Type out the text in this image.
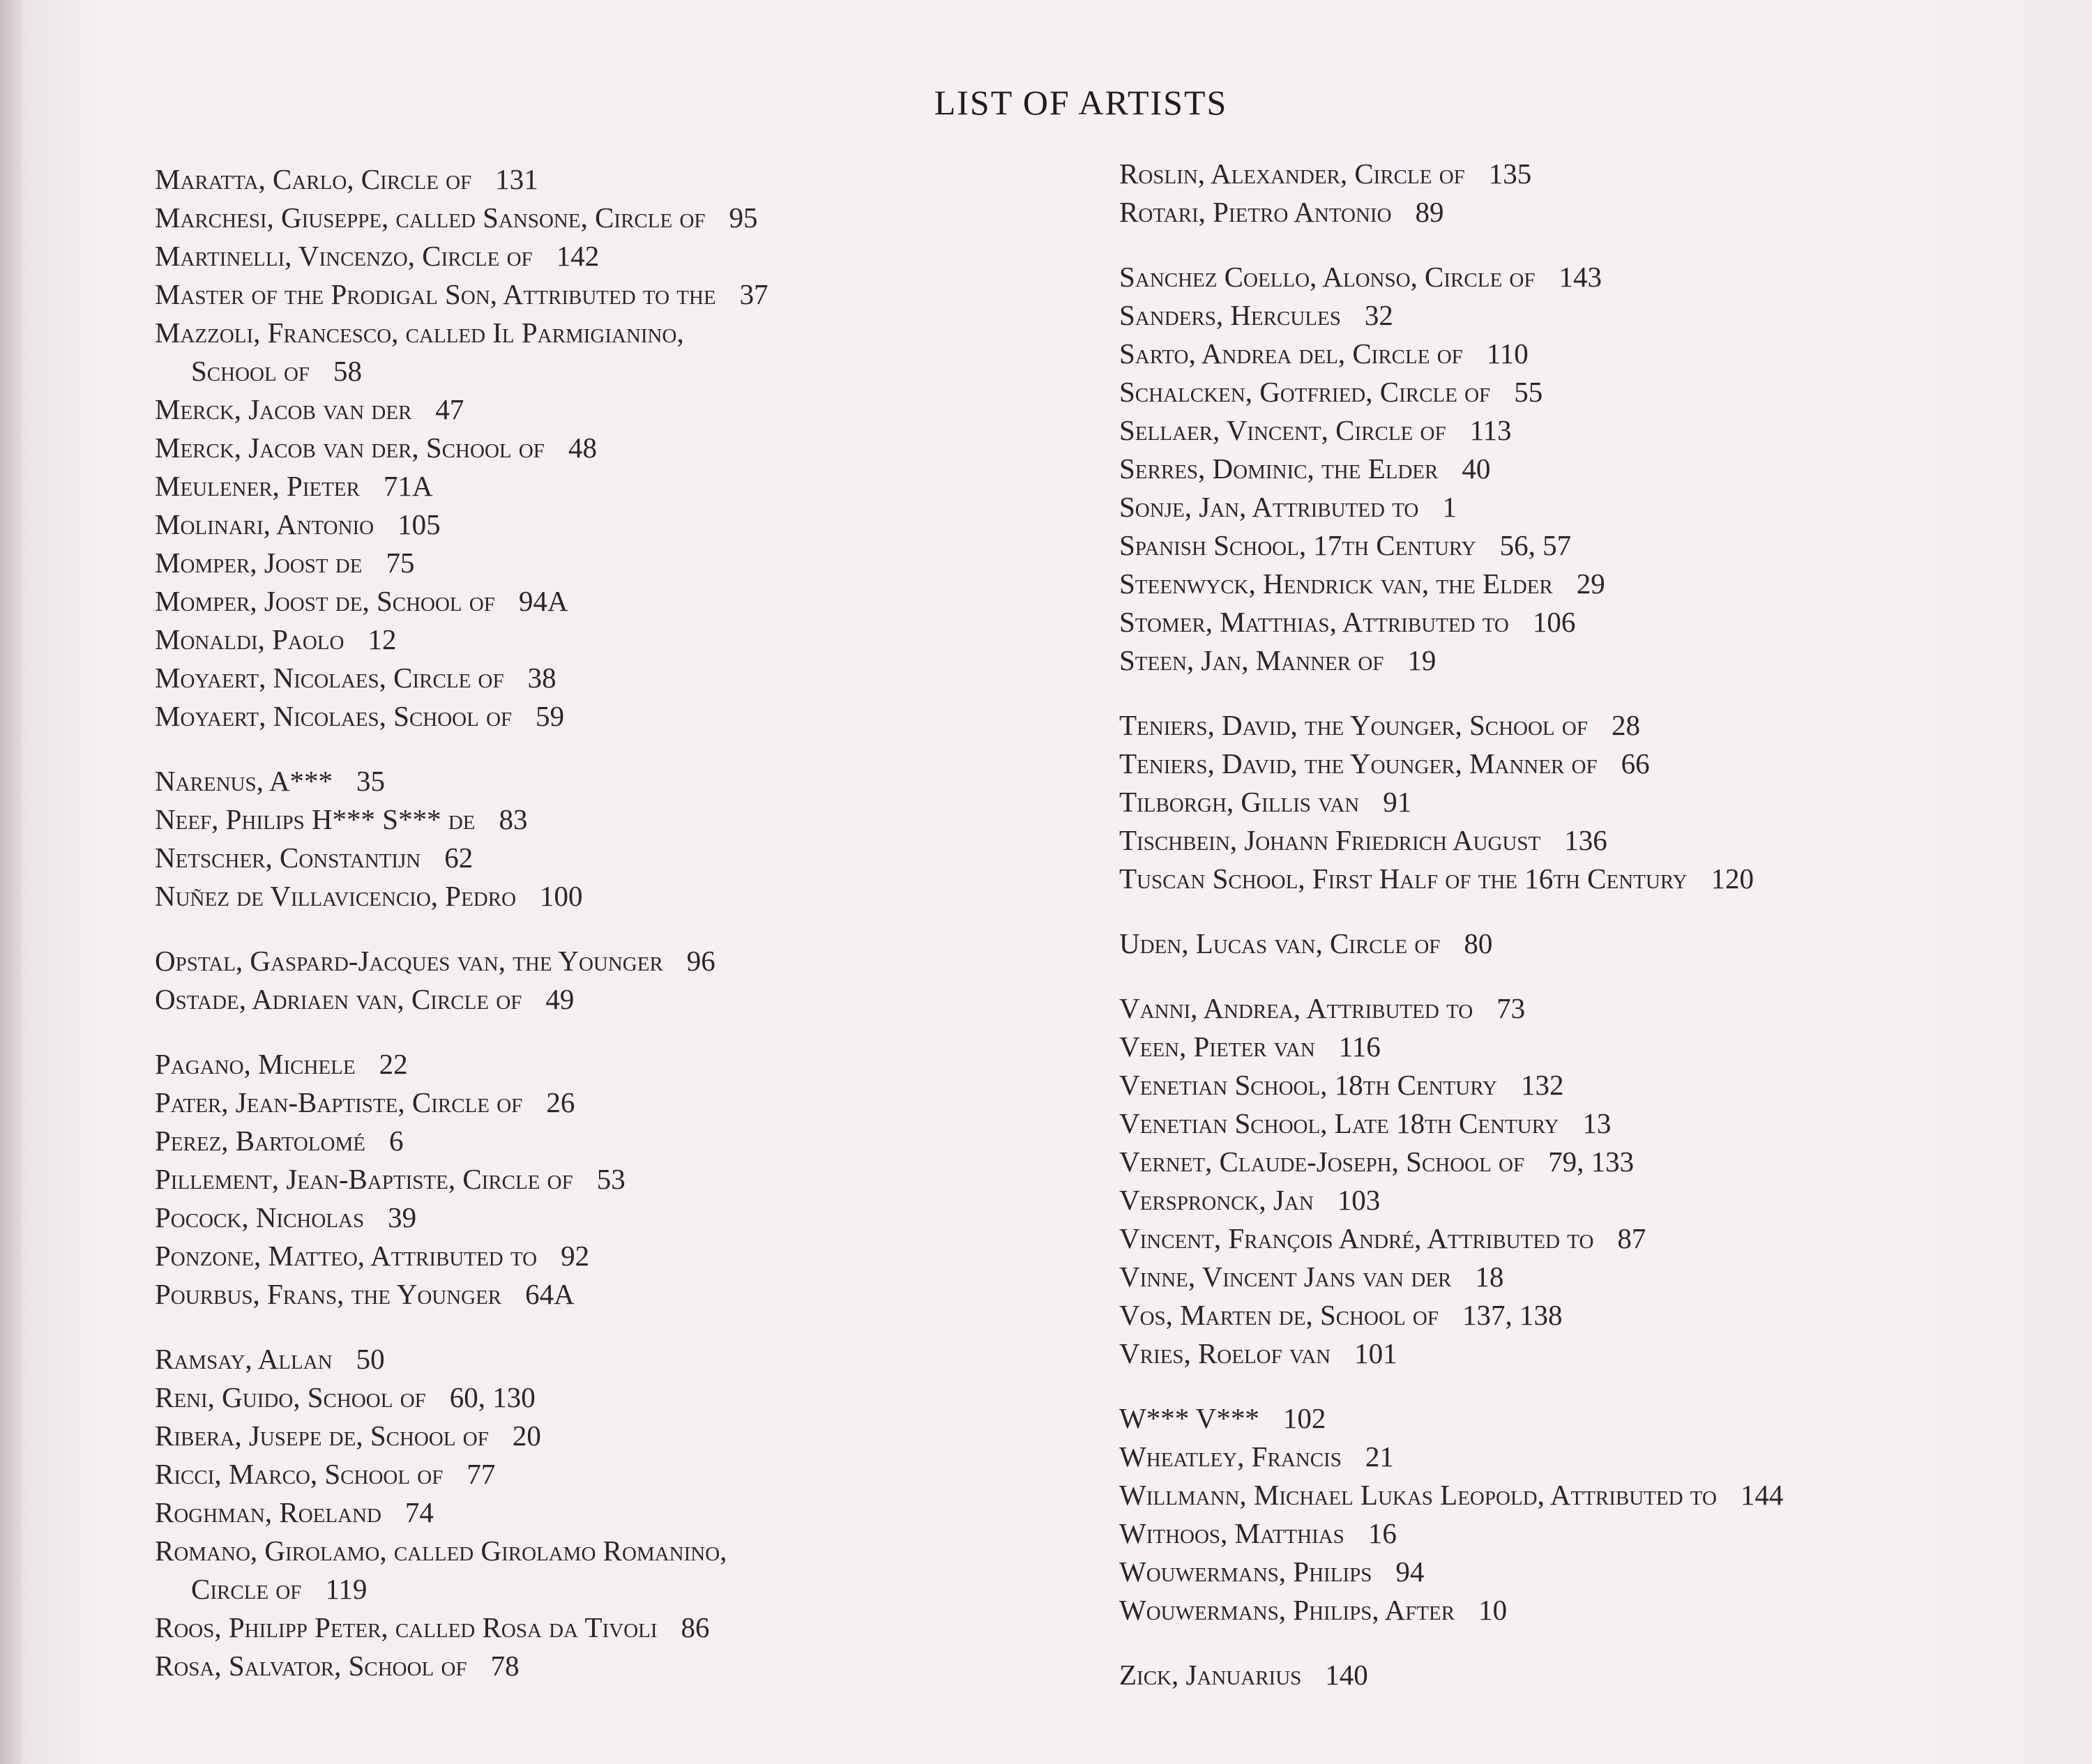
LIST OF ARTISTS
Maratta, Carlo, Circle of 131
Marchesi, Giuseppe, called Sansone, Circle of 95
Martinelli, Vincenzo, Circle of 142
Master of the Prodigal Son, Attributed to the 37
Mazzoli, Francesco, called Il Parmigianino,
School of 58
Merck, Jacob van der 47
Merck, Jacob van der, School of 48
Meulener, Pieter 71A
Molinari, Antonio 105
Momper, Joost de 75
Momper, Joost de, School of 94A
Monaldi, Paolo 12
Moyaert, Nicolaes, Circle of 38
Moyaert, Nicolaes, School of 59
Narenus, A*** 35
Neef, Philips H*** S*** de 83
Netscher, Constantijn 62
Nuñez de Villavicencio, Pedro 100
Opstal, Gaspard-Jacques van, the Younger 96
Ostade, Adriaen van, Circle of 49
Pagano, Michele 22
Pater, Jean-Baptiste, Circle of 26
Perez, Bartolomé 6
Pillement, Jean-Baptiste, Circle of 53
Pocock, Nicholas 39
Ponzone, Matteo, Attributed to 92
Pourbus, Frans, the Younger 64A
Ramsay, Allan 50
Reni, Guido, School of 60, 130
Ribera, Jusepe de, School of 20
Ricci, Marco, School of 77
Roghman, Roeland 74
Romano, Girolamo, called Girolamo Romanino,
Circle of 119
Roos, Philipp Peter, called Rosa da Tivoli 86
Rosa, Salvator, School of 78
Roslin, Alexander, Circle of 135
Rotari, Pietro Antonio 89
Sanchez Coello, Alonso, Circle of 143
Sanders, Hercules 32
Sarto, Andrea del, Circle of 110
Schalcken, Gotfried, Circle of 55
Sellaer, Vincent, Circle of 113
Serres, Dominic, the Elder 40
Sonje, Jan, Attributed to 1
Spanish School, 17th Century 56, 57
Steenwyck, Hendrick van, the Elder 29
Stomer, Matthias, Attributed to 106
Steen, Jan, Manner of 19
Teniers, David, the Younger, School of 28
Teniers, David, the Younger, Manner of 66
Tilborgh, Gillis van 91
Tischbein, Johann Friedrich August 136
Tuscan School, First Half of the 16th Century 120
Uden, Lucas van, Circle of 80
Vanni, Andrea, Attributed to 73
Veen, Pieter van 116
Venetian School, 18th Century 132
Venetian School, Late 18th Century 13
Vernet, Claude-Joseph, School of 79, 133
Verspronck, Jan 103
Vincent, François André, Attributed to 87
Vinne, Vincent Jans van der 18
Vos, Marten de, School of 137, 138
Vries, Roelof van 101
W*** V*** 102
Wheatley, Francis 21
Willmann, Michael Lukas Leopold, Attributed to 144
Withoos, Matthias 16
Wouwermans, Philips 94
Wouwermans, Philips, After 10
Zick, Januarius 140
